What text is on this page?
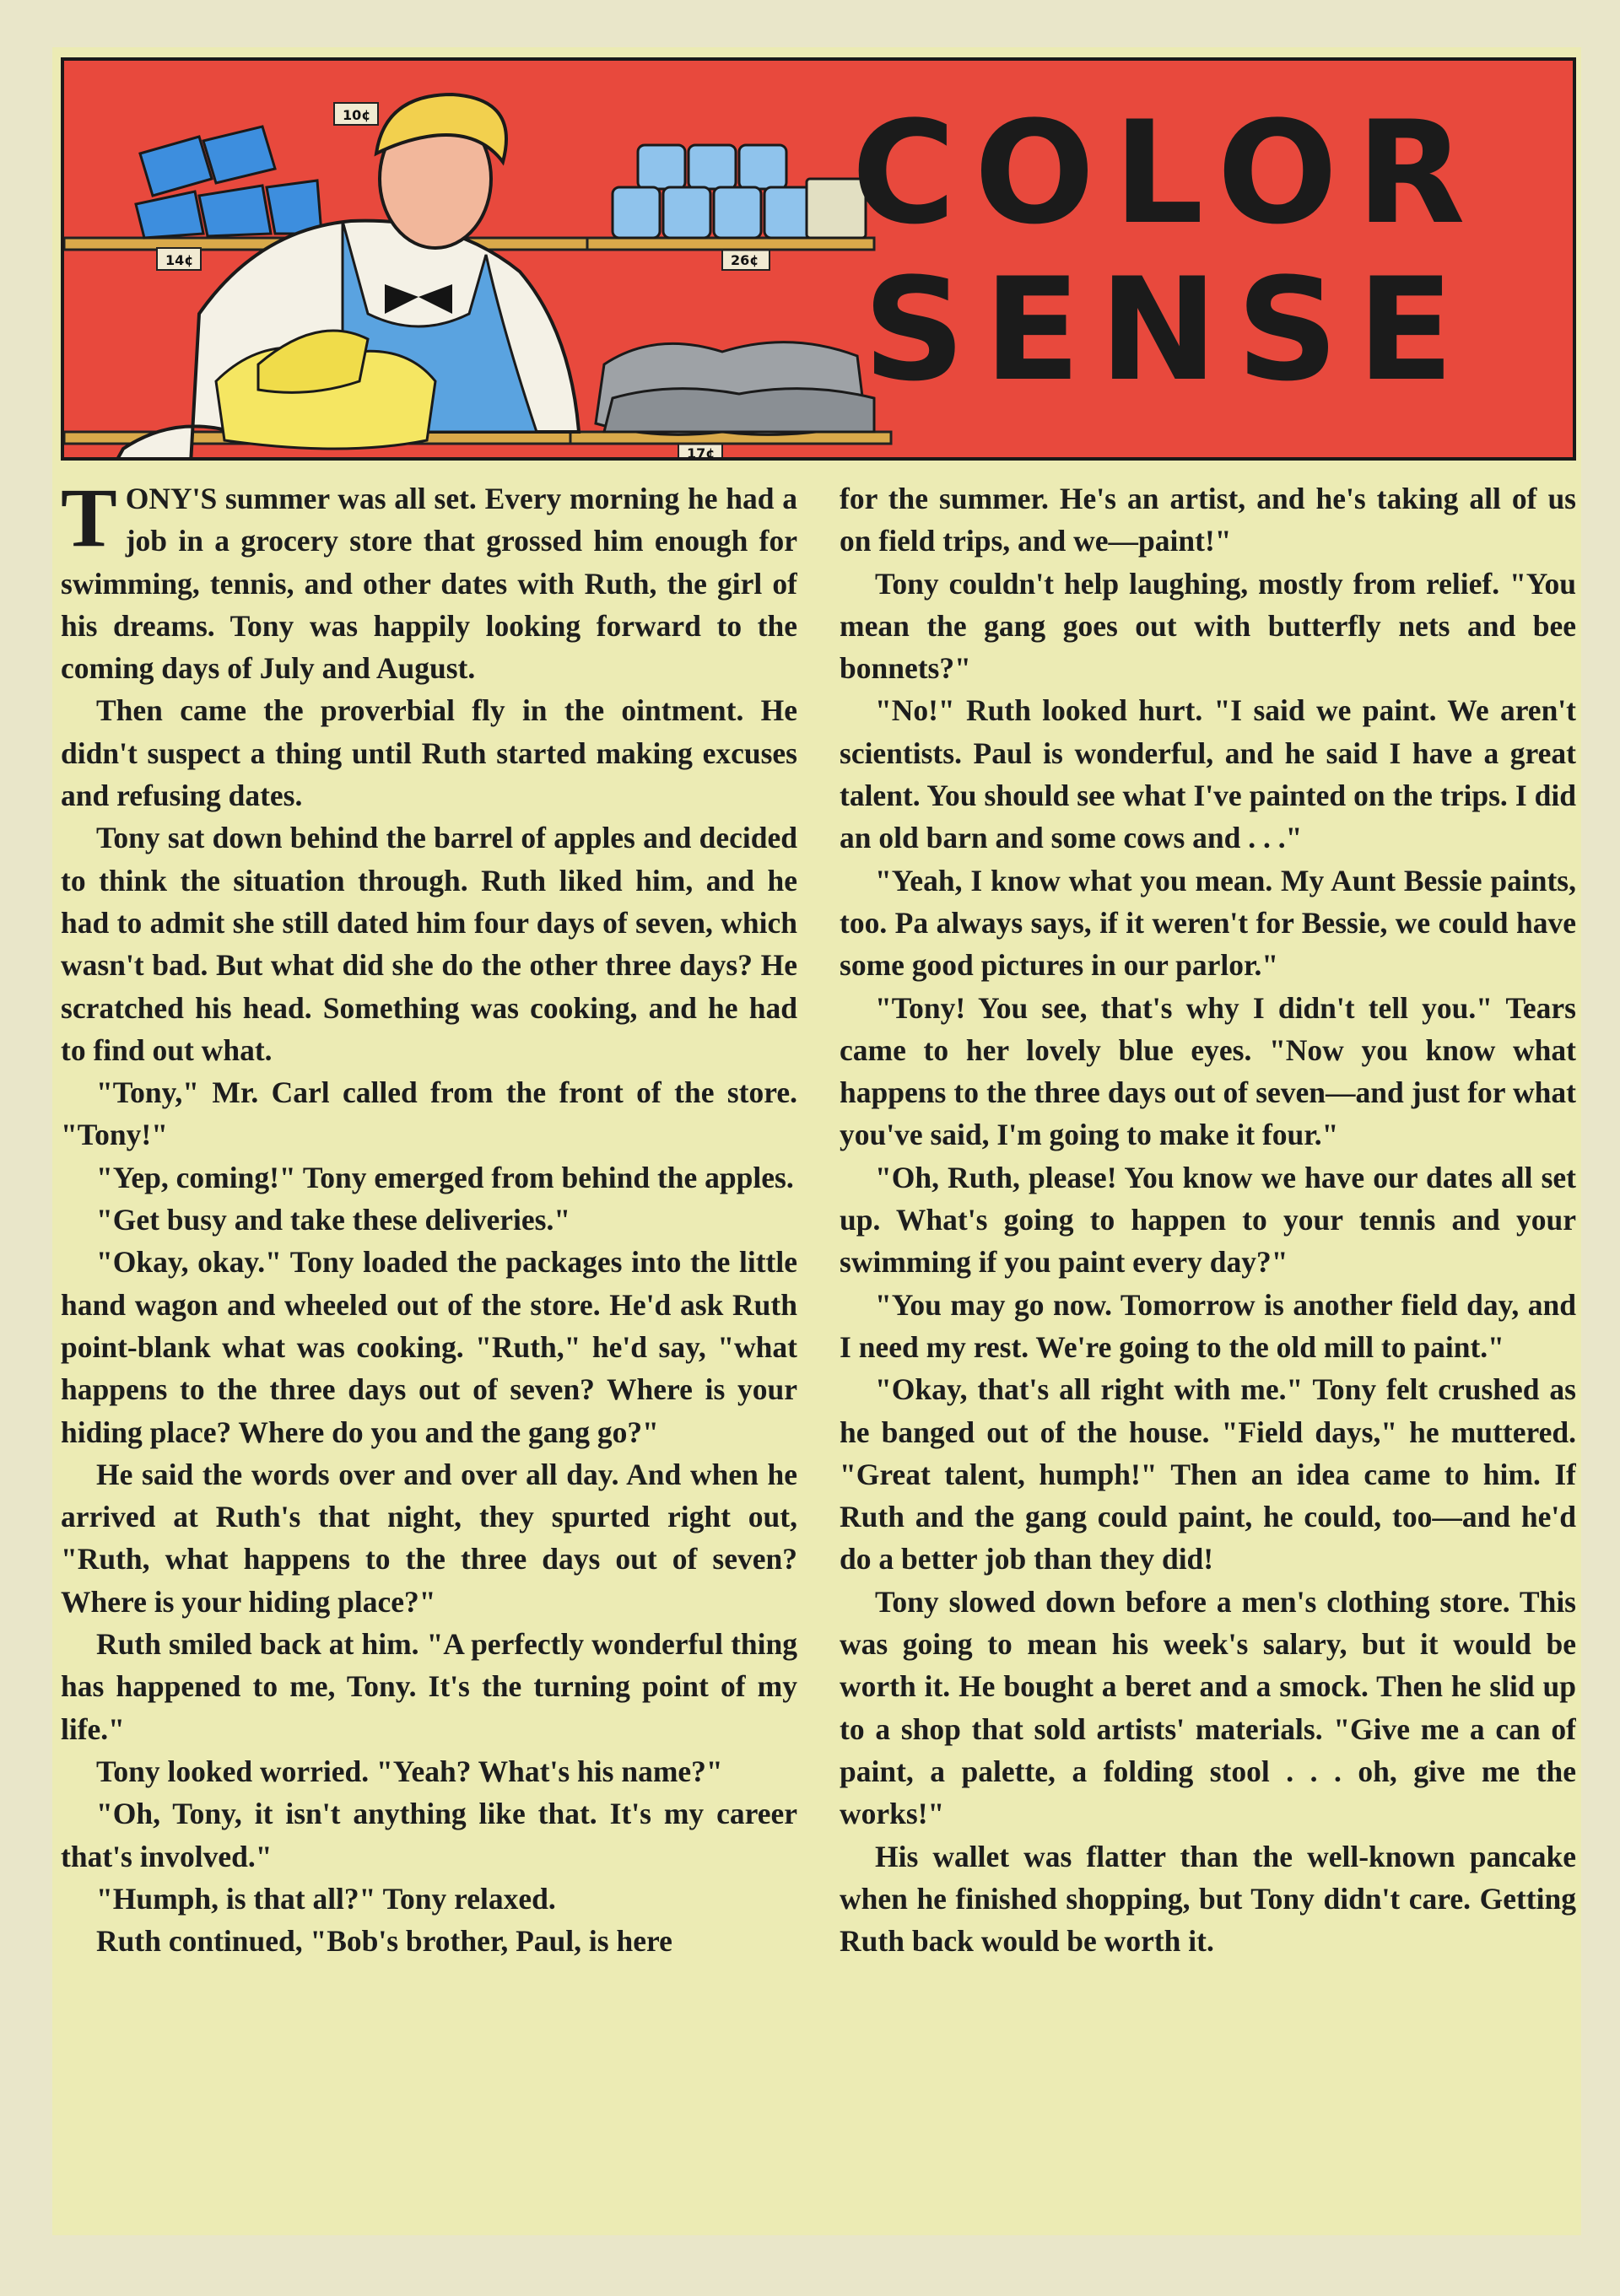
10¢
14¢	26¢
17¢
COLOR
SENSE

TONY'S summer was all set. Every morning he had a job in a grocery store that grossed him enough for swimming, tennis, and other dates with Ruth, the girl of his dreams. Tony was happily looking forward to the coming days of July and August.

Then came the proverbial fly in the ointment. He didn't suspect a thing until Ruth started making excuses and refusing dates.

Tony sat down behind the barrel of apples and decided to think the situation through. Ruth liked him, and he had to admit she still dated him four days of seven, which wasn't bad. But what did she do the other three days? He scratched his head. Something was cooking, and he had to find out what.

"Tony," Mr. Carl called from the front of the store. "Tony!"

"Yep, coming!" Tony emerged from behind the apples.

"Get busy and take these deliveries."

"Okay, okay." Tony loaded the packages into the little hand wagon and wheeled out of the store. He'd ask Ruth point-blank what was cooking. "Ruth," he'd say, "what happens to the three days out of seven? Where is your hiding place? Where do you and the gang go?"

He said the words over and over all day. And when he arrived at Ruth's that night, they spurted right out, "Ruth, what happens to the three days out of seven? Where is your hiding place?"

Ruth smiled back at him. "A perfectly wonderful thing has happened to me, Tony. It's the turning point of my life."

Tony looked worried. "Yeah? What's his name?"

"Oh, Tony, it isn't anything like that. It's my career that's involved."

"Humph, is that all?" Tony relaxed.

Ruth continued, "Bob's brother, Paul, is here

for the summer. He's an artist, and he's taking all of us on field trips, and we—paint!"

Tony couldn't help laughing, mostly from relief. "You mean the gang goes out with butterfly nets and bee bonnets?"

"No!" Ruth looked hurt. "I said we paint. We aren't scientists. Paul is wonderful, and he said I have a great talent. You should see what I've painted on the trips. I did an old barn and some cows and . . ."

"Yeah, I know what you mean. My Aunt Bessie paints, too. Pa always says, if it weren't for Bessie, we could have some good pictures in our parlor."

"Tony! You see, that's why I didn't tell you." Tears came to her lovely blue eyes. "Now you know what happens to the three days out of seven—and just for what you've said, I'm going to make it four."

"Oh, Ruth, please! You know we have our dates all set up. What's going to happen to your tennis and your swimming if you paint every day?"

"You may go now. Tomorrow is another field day, and I need my rest. We're going to the old mill to paint."

"Okay, that's all right with me." Tony felt crushed as he banged out of the house. "Field days," he muttered. "Great talent, humph!" Then an idea came to him. If Ruth and the gang could paint, he could, too—and he'd do a better job than they did!

Tony slowed down before a men's clothing store. This was going to mean his week's salary, but it would be worth it. He bought a beret and a smock. Then he slid up to a shop that sold artists' materials. "Give me a can of paint, a palette, a folding stool . . . oh, give me the works!"

His wallet was flatter than the well-known pancake when he finished shopping, but Tony didn't care. Getting Ruth back would be worth it.
